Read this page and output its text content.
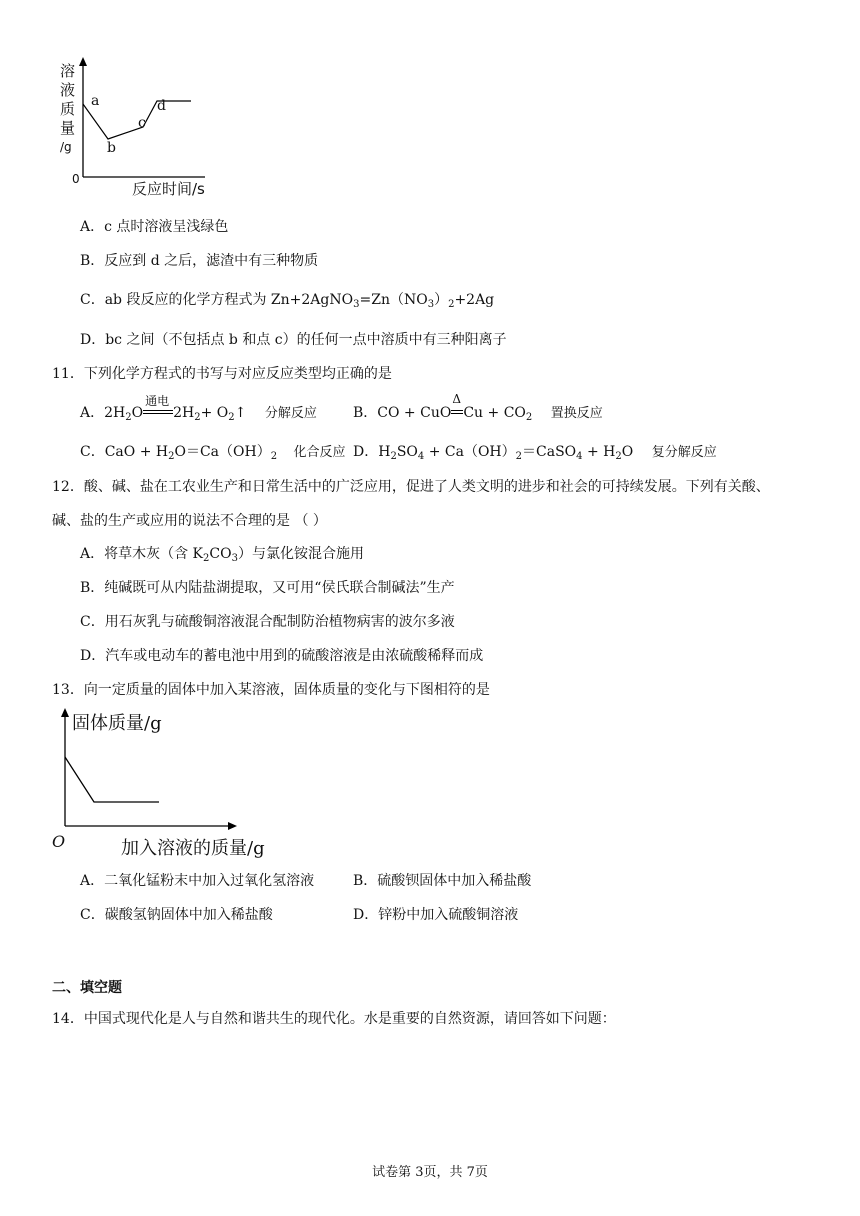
溶
液
质
量
/g
0
反应时间/s
a
b
c
d
A．c 点时溶液呈浅绿色
B．反应到 d 之后，滤渣中有三种物质
C．ab 段反应的化学方程式为 $Zn+2AgNO_3=Zn(NO_3)_2+2Ag$
D．bc 之间（不包括点 b 和点 c）的任何一点中溶质中有三种阳离子
11．下列化学方程式的书写与对应反应类型均正确的是
A．$2H_2O$
通电
$2H_2+$ $O_2↑$ 分解反应	B．CO + CuO
Δ
$Cu + CO_2$ 置换反应
C．CaO + $H_2O=Ca(OH)_2$ 化合反应 D．$H_2SO_4$ + $Ca(OH)_2=CaSO_4 + H_2O$ 复分解反应
12．酸、碱、盐在工农业生产和日常生活中的广泛应用，促进了人类文明的进步和社会的可持续发展。下列有关酸、
碱、盐的生产或应用的说法不合理的是 （ ）
A．将草木灰（含 $K_2CO_3$）与氯化铵混合施用
B．纯碱既可从内陆盐湖提取，又可用“侯氏联合制碱法”生产
C．用石灰乳与硫酸铜溶液混合配制防治植物病害的波尔多液
D．汽车或电动车的蓄电池中用到的硫酸溶液是由浓硫酸稀释而成
13．向一定质量的固体中加入某溶液，固体质量的变化与下图相符的是
固体质量/g
O	加入溶液的质量/g
A．二氧化锰粉末中加入过氧化氢溶液	B．硫酸钡固体中加入稀盐酸
C．碳酸氢钠固体中加入稀盐酸	D．锌粉中加入硫酸铜溶液
二、填空题
14．中国式现代化是人与自然和谐共生的现代化。水是重要的自然资源，请回答如下问题：
试卷第 3页，共 7页
